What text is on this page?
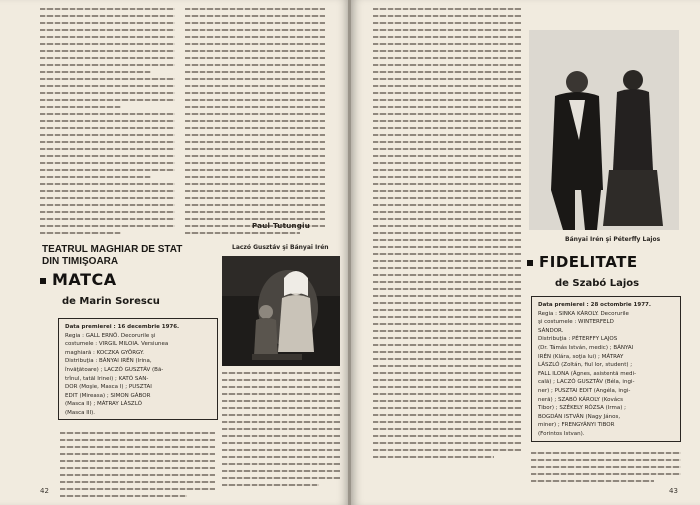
Paul Tutungiu
TEATRUL MAGHIAR DE STAT
DIN TIMIŞOARA
MATCA
de Marin Sorescu
Laczó Gusztáv şi Bányai Irén
Data premierei : 16 decembrie 1976.
Regia : GALL ERNŐ. Decorurile şi
costumele : VIRGIL MILOIA. Versiunea
maghiară : KOCZKA GYÖRGY.
Distribuţia : BÁNYAI IRÉN (Irina,
învăţătoare) ; LACZÓ GUSZTÁV (Bă-
trînul, tatăl Irinei) ; KATÓ SAN-
DOR (Moşie, Masca I) ; PUSZTAI
EDIT (Mireasa) ; SIMON GÁBOR
(Masca II) ; MÁTRAY LÁSZLÓ
(Masca III).
42
Bányai Irén şi Péterffy Lajos
FIDELITATE
de Szabó Lajos
Data premierei : 28 octombrie 1977.
Regia : SINKA KÁROLY. Decorurile
şi costumele : WINTERFELD
SÁNDOR.
Distribuţia : PÉTERFFY LAJOS
(Dr. Támás István, medic) ; BÁNYAI
IRÉN (Klára, soţia lui) ; MÁTRAY
LÁSZLÓ (Zoltán, fiul lor, student) ;
FALL ILONA (Ágnes, asistentă medi-
cală) ; LACZÓ GUSZTÁV (Béla, ingi-
ner) ; PUSZTAI EDIT (Angéla, ingi-
neră) ; SZABÓ KÁROLY (Kovács
Tibor) ; SZÉKELY RÓZSA (Irma) ;
BOGDÁN ISTVÁN (Nagy János,
miner) ; FRENGYÁNYI TIBOR
(Forintos Istvan).
43
